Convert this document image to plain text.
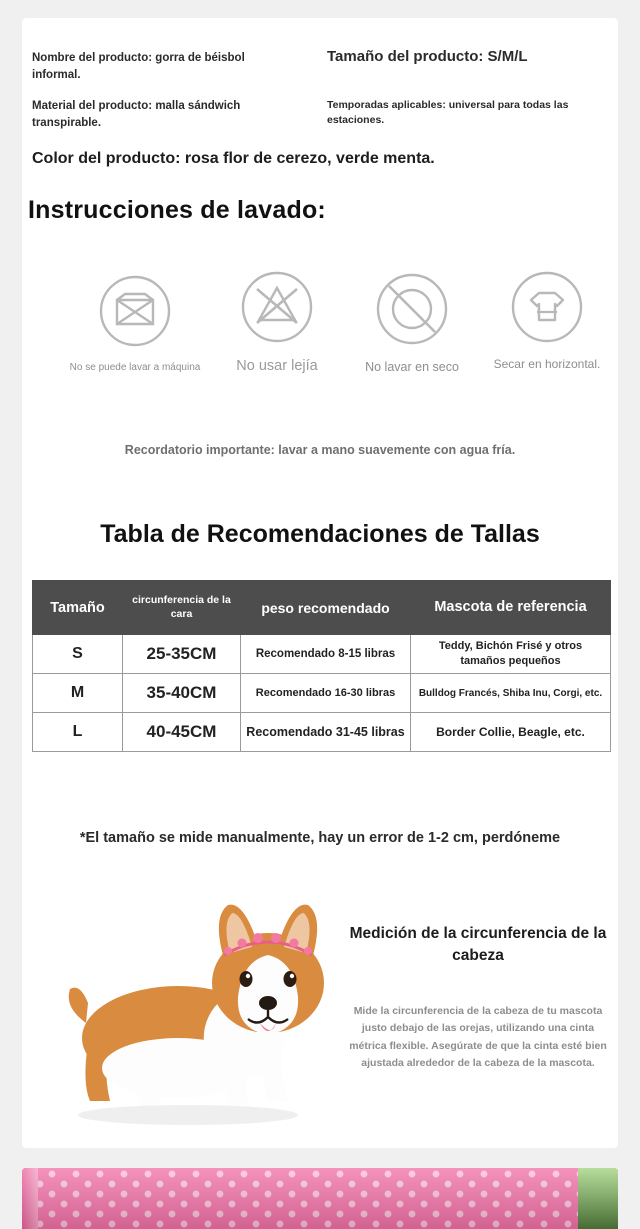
Nombre del producto: gorra de béisbol informal.
Material del producto: malla sándwich transpirable.
Tamaño del producto: S/M/L
Temporadas aplicables: universal para todas las estaciones.
Color del producto: rosa flor de cerezo, verde menta.
Instrucciones de lavado:
No se puede lavar a máquina	No usar lejía	No lavar en seco	Secar en horizontal.
Recordatorio importante: lavar a mano suavemente con agua fría.
Tabla de Recomendaciones de Tallas
Tamaño	circunferencia de la cara	peso recomendado	Mascota de referencia
S	25-35CM	Recomendado 8-15 libras	Teddy, Bichón Frisé y otros tamaños pequeños
M	35-40CM	Recomendado 16-30 libras	Bulldog Francés, Shiba Inu, Corgi, etc.
L	40-45CM	Recomendado 31-45 libras	Border Collie, Beagle, etc.
*El tamaño se mide manualmente, hay un error de 1-2 cm, perdóneme
Medición de la circunferencia de la cabeza
Mide la circunferencia de la cabeza de tu mascota justo debajo de las orejas, utilizando una cinta métrica flexible. Asegúrate de que la cinta esté bien ajustada alrededor de la cabeza de la mascota.
